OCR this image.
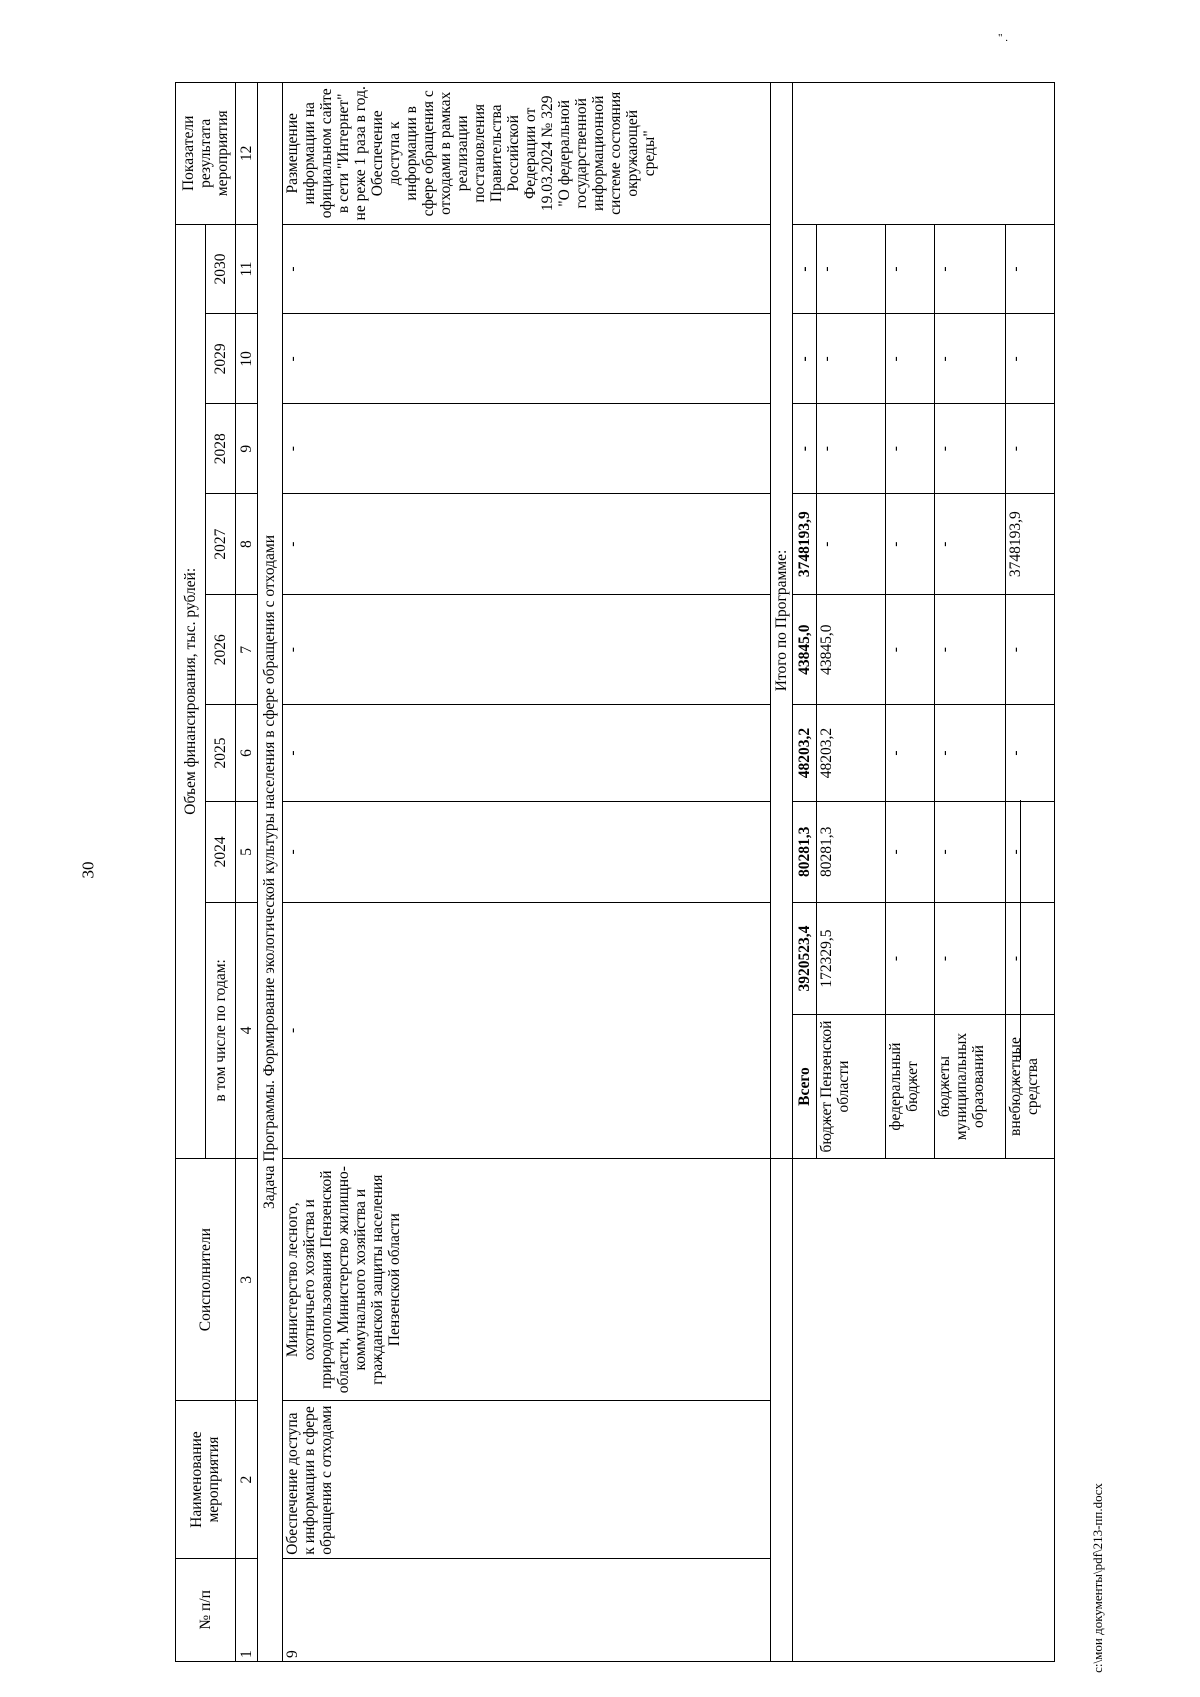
30
" .
c:\мои документы\pdf\213-пп.docx
№ п/п	Наименование мероприятия	Соисполнители	Объем финансирования, тыс. рублей:									Показатели результата мероприятия
			в том числе по годам:		2024	2025	2026	2027	2028	2029	2030	
1	2	3	4		5	6	7	8	9	10	11	12
Задача Программы. Формирование экологической культуры населения в сфере обращения с отходами												
9	Обеспечение доступа к информации в сфере обращения с отходами	Министерство лесного, охотничьего хозяйства и природопользования Пензенской области, Министерство жилищно-коммунального хозяйства и гражданской защиты населения Пензенской области	-		-	-	-	-	-	-	-	Размещение информации на официальном сайте в сети "Интернет" не реже 1 раза в год. Обеспечение доступа к информации в сфере обращения с отходами в рамках реализации постановления Правительства Российской Федерации от 19.03.2024 № 329 "О федеральной государственной информационной системе состояния окружающей среды"
			Итого по Программе:									
			Всего	3920523,4	80281,3	48203,2	43845,0	3748193,9	-	-	-	
			бюджет Пензенской области	172329,5	80281,3	48203,2	43845,0	-	-	-	-	
			федеральный бюджет	-	-	-	-	-	-	-	-	
			бюджеты муниципальных образований	-	-	-	-	-	-	-	-	
			внебюджетные средства	-	-	-	-	3748193,9	-	-	-	
